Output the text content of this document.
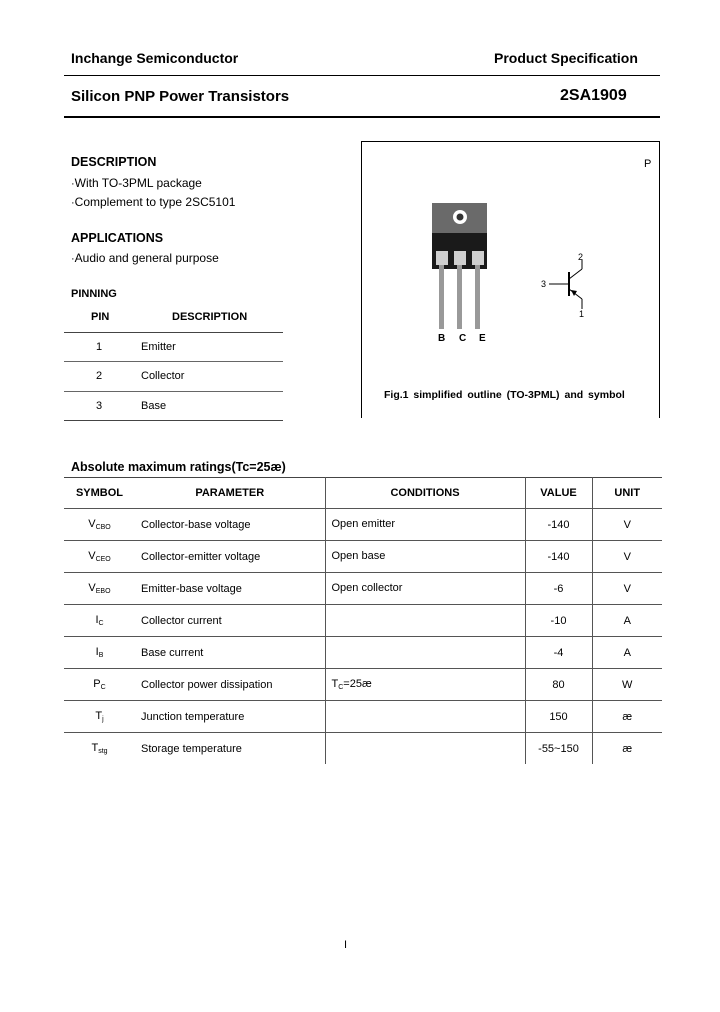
Inchange Semiconductor	Product Specification
Silicon PNP Power Transistors	2SA1909
DESCRIPTION
·With TO-3PML package
·Complement to type 2SC5101
APPLICATIONS
·Audio and general purpose
PINNING
PIN	DESCRIPTION
1	Emitter
2	Collector
3	Base
P
B C E
2
3
1
Fig.1 simplified outline (TO-3PML) and symbol
Absolute maximum ratings(Tc=25æ)
SYMBOL	PARAMETER	CONDITIONS	VALUE	UNIT
$V_{CBO}$	Collector-base voltage	Open emitter	-140	V
$V_{CEO}$	Collector-emitter voltage	Open base	-140	V
$V_{EBO}$	Emitter-base voltage	Open collector	-6	V
$I_C$	Collector current		-10	A
$I_B$	Base current		-4	A
$P_C$	Collector power dissipation	$T_C=25æ$	80	W
$T_j$	Junction temperature		150	æ
$T_{stg}$	Storage temperature		-55~150	æ
I
